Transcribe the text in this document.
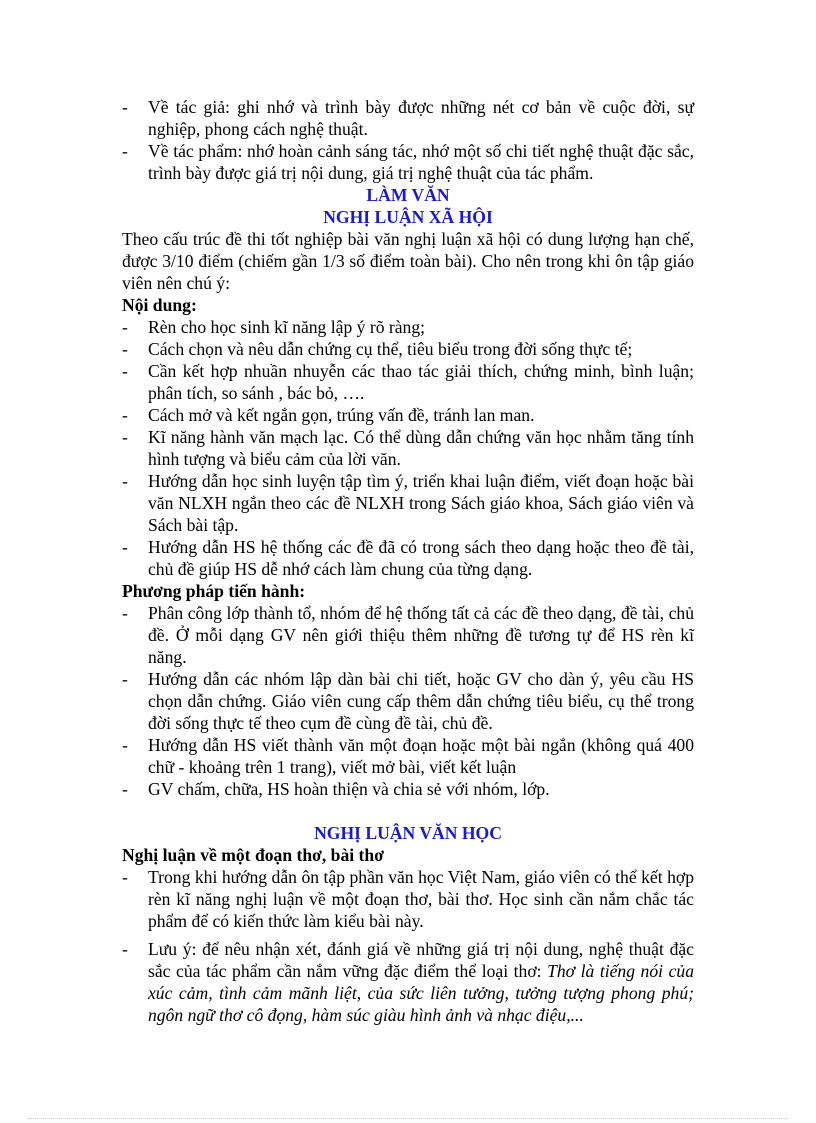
-	Về tác giả: ghi nhớ và trình bày được những nét cơ bản về cuộc đời, sự nghiệp, phong cách nghệ thuật.
-	Về tác phẩm: nhớ hoàn cảnh sáng tác, nhớ một số chi tiết nghệ thuật đặc sắc, trình bày được giá trị nội dung, giá trị nghệ thuật của tác phẩm.
LÀM VĂN
NGHỊ LUẬN XÃ HỘI
Theo cấu trúc đề thi tốt nghiệp bài văn nghị luận xã hội có dung lượng hạn chế, được 3/10 điểm (chiếm gần 1/3 số điểm toàn bài). Cho nên trong khi ôn tập giáo viên nên chú ý:
Nội dung:
-	Rèn cho học sinh kĩ năng lập ý rõ ràng;
-	Cách chọn và nêu dẫn chứng cụ thể, tiêu biểu trong đời sống thực tế;
-	Cần kết hợp nhuần nhuyễn các thao tác giải thích, chứng minh, bình luận; phân tích, so sánh , bác bỏ, ….
-	Cách mở và kết ngắn gọn, trúng vấn đề, tránh lan man.
-	Kĩ năng hành văn mạch lạc. Có thể dùng dẫn chứng văn học nhằm tăng tính hình tượng và biểu cảm của lời văn.
-	Hướng dẫn học sinh luyện tập tìm ý, triển khai luận điểm, viết đoạn hoặc bài văn NLXH ngắn theo các đề NLXH trong Sách giáo khoa, Sách giáo viên và Sách bài tập.
-	Hướng dẫn HS hệ thống các đề đã có trong sách theo dạng hoặc theo đề tài, chủ đề giúp HS dễ nhớ cách làm chung của từng dạng.
Phương pháp tiến hành:
-	Phân công lớp thành tổ, nhóm để hệ thống tất cả các đề theo dạng, đề tài, chủ đề. Ở mỗi dạng GV nên giới thiệu thêm những đề tương tự để HS rèn kĩ năng.
-	Hướng dẫn các nhóm lập dàn bài chi tiết, hoặc GV cho dàn ý, yêu cầu HS chọn dẫn chứng. Giáo viên cung cấp thêm dẫn chứng tiêu biểu, cụ thể trong đời sống thực tế theo cụm đề cùng đề tài, chủ đề.
-	Hướng dẫn HS viết thành văn một đoạn hoặc một bài ngắn (không quá 400 chữ - khoảng trên 1 trang), viết mở bài, viết kết luận
-	GV chấm, chữa, HS hoàn thiện và chia sẻ với nhóm, lớp.
NGHỊ LUẬN VĂN HỌC
Nghị luận về một đoạn thơ, bài thơ
-	Trong khi hướng dẫn ôn tập phần văn học Việt Nam, giáo viên có thể kết hợp rèn kĩ năng nghị luận về một đoạn thơ, bài thơ. Học sinh cần nắm chắc tác phẩm để có kiến thức làm kiểu bài này.
-	Lưu ý: để nêu nhận xét, đánh giá về những giá trị nội dung, nghệ thuật đặc sắc của tác phẩm cần nắm vững đặc điểm thể loại thơ: Thơ là tiếng nói của xúc cảm, tình cảm mãnh liệt, của sức liên tưởng, tưởng tượng phong phú; ngôn ngữ thơ cô đọng, hàm súc giàu hình ảnh và nhạc điệu,...
